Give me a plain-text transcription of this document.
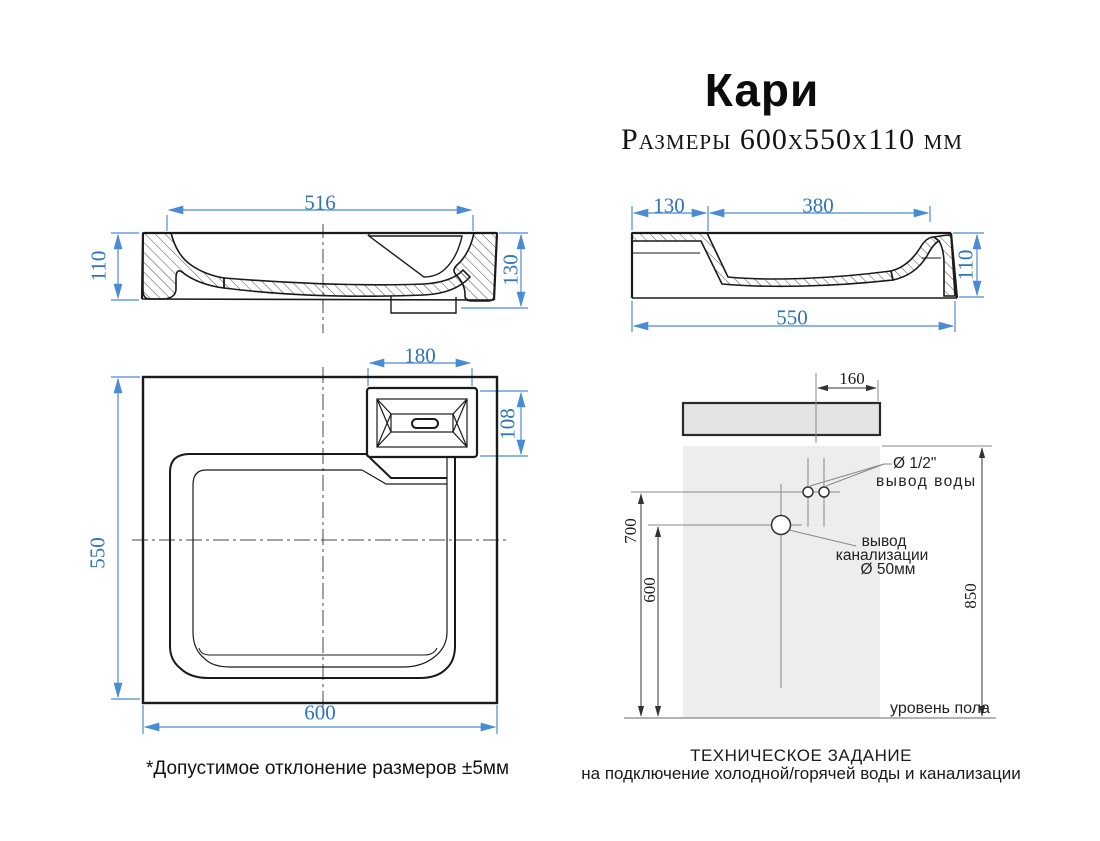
Кари
Размеры 600х550х110 мм
516
110	130
130	380
550
110
180
108
550
600
*Допустимое отклонение размеров ±5мм
160
700
600	850
Ø 1/2"
вывод воды
вывод
канализации
Ø 50мм
уровень пола
ТЕХНИЧЕСКОЕ ЗАДАНИЕ
на подключение холодной/горячей воды и канализации
